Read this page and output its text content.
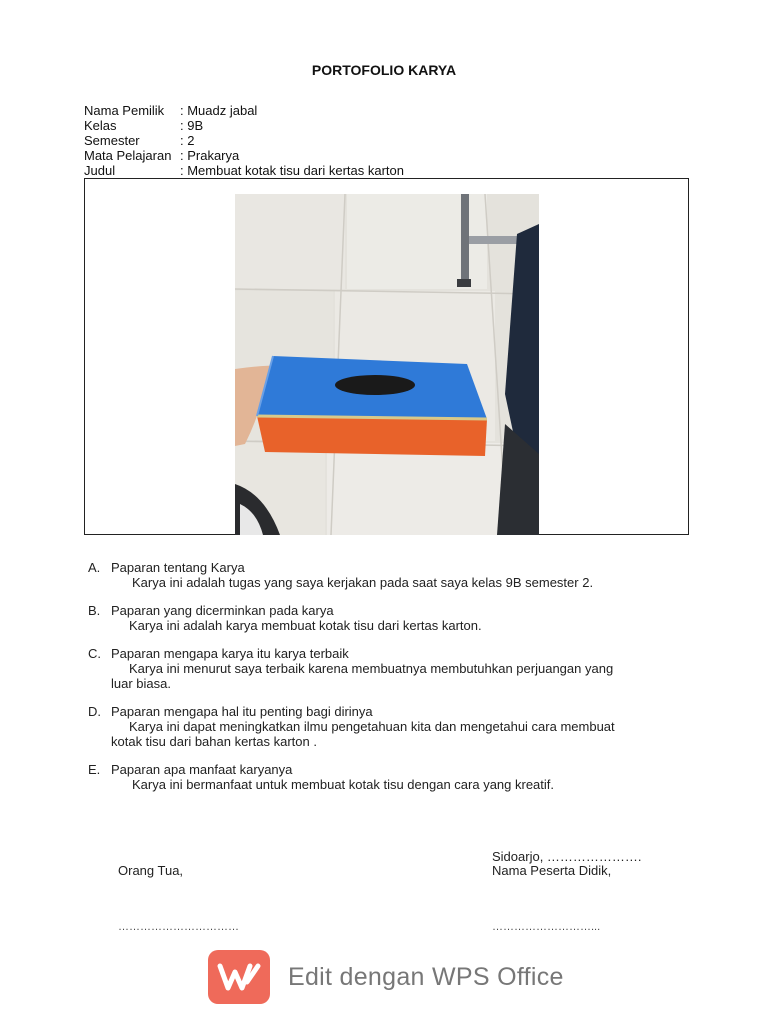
PORTOFOLIO KARYA
Nama Pemilik	: Muadz jabal
Kelas	: 9B
Semester	: 2
Mata Pelajaran : Prakarya
Judul	: Membuat kotak tisu dari kertas karton
A. Paparan tentang Karya
Karya ini adalah tugas yang saya kerjakan pada saat saya kelas 9B semester 2.
B. Paparan yang dicerminkan pada karya
Karya ini adalah karya membuat kotak tisu dari kertas karton.
C. Paparan mengapa karya itu karya terbaik
Karya ini menurut saya terbaik karena membuatnya membutuhkan perjuangan yang
luar biasa.
D. Paparan mengapa hal itu penting bagi dirinya
Karya ini dapat meningkatkan ilmu pengetahuan kita dan mengetahui cara membuat
kotak tisu dari bahan kertas karton .
E. Paparan apa manfaat karyanya
Karya ini bermanfaat untuk membuat kotak tisu dengan cara yang kreatif.
Sidoarjo, ………………….
Orang Tua,	Nama Peserta Didik,
……………………………	………………………...
Edit dengan WPS Office
